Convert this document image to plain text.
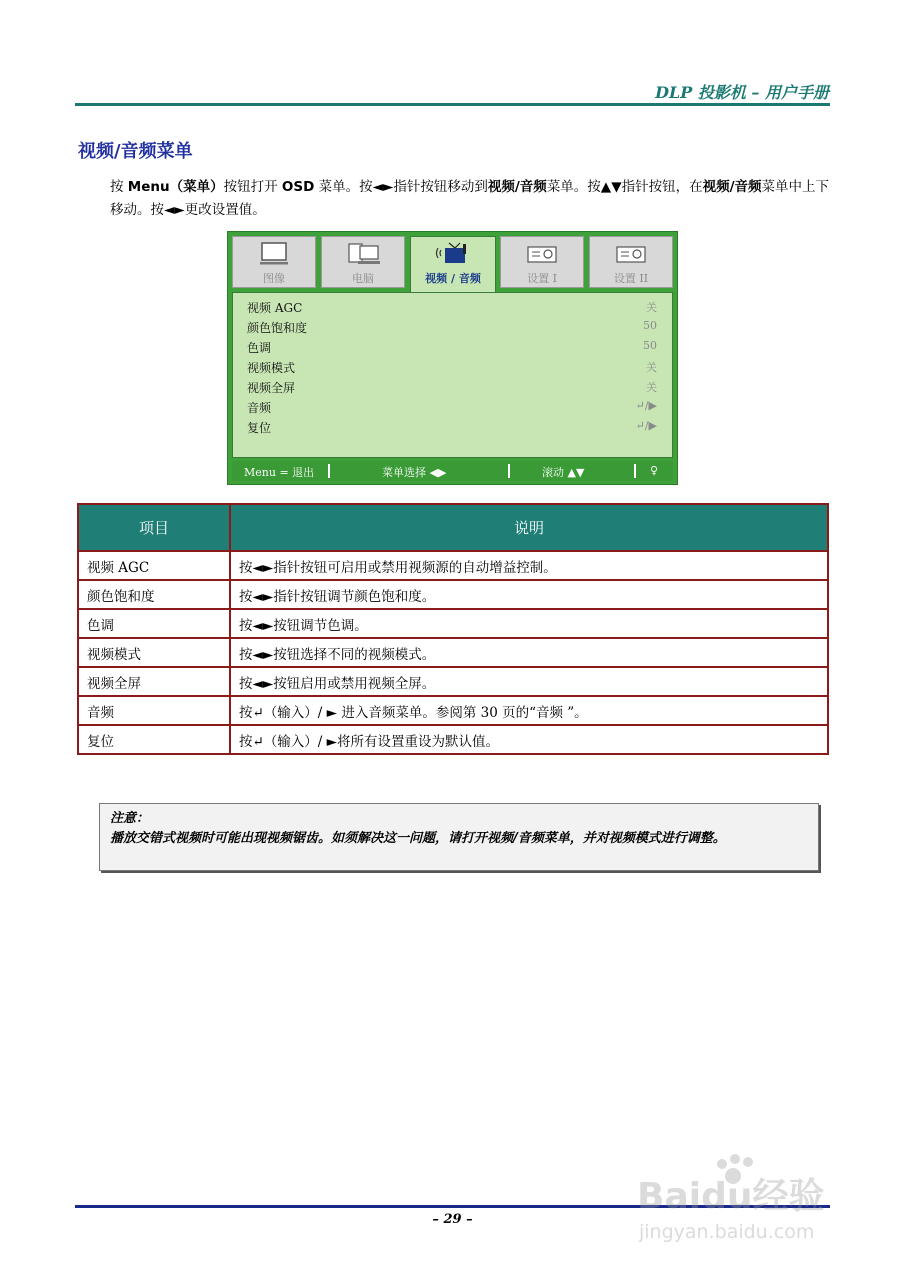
DLP 投影机 – 用户手册
视频/音频菜单
按 Menu（菜单）按钮打开 OSD 菜单。按◄►指针按钮移动到视频/音频菜单。按▲▼指针按钮，在视频/音频菜单中上下移动。按◄►更改设置值。
图像	电脑	视频 / 音频	设置 I	设置 II
视频 AGC	关
颜色饱和度	50
色调	50
视频模式	关
视频全屏	关
音频	↵/▶
复位	↵/▶
Menu = 退出	菜单选择 ◀▶	滚动 ▲▼	♀
项目	说明
视频 AGC	按◄►指针按钮可启用或禁用视频源的自动增益控制。
颜色饱和度	按◄►指针按钮调节颜色饱和度。
色调	按◄►按钮调节色调。
视频模式	按◄►按钮选择不同的视频模式。
视频全屏	按◄►按钮启用或禁用视频全屏。
音频	按↵（输入）/ ► 进入音频菜单。参阅第 30 页的“音频 ”。
复位	按↵（输入）/ ►将所有设置重设为默认值。
注意：
播放交错式视频时可能出现视频锯齿。如须解决这一问题，请打开视频/音频菜单，并对视频模式进行调整。
– 29 –
Baidu经验
jingyan.baidu.com
